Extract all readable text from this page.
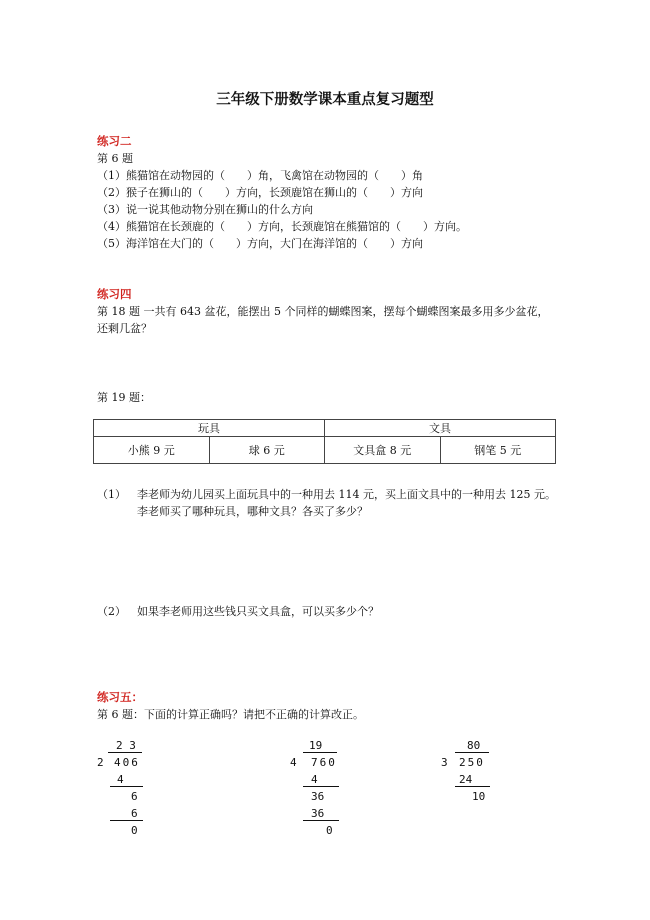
三年级下册数学课本重点复习题型
练习二
第 6 题
（1）熊猫馆在动物园的（　　）角，飞禽馆在动物园的（　　）角
（2）猴子在狮山的（　　）方向，长颈鹿馆在狮山的（　　）方向
（3）说一说其他动物分别在狮山的什么方向
（4）熊猫馆在长颈鹿的（　　）方向，长颈鹿馆在熊猫馆的（　　）方向。
（5）海洋馆在大门的（　　）方向，大门在海洋馆的（　　）方向
练习四
第 18 题 一共有 643 盆花，能摆出 5 个同样的蝴蝶图案，摆每个蝴蝶图案最多用多少盆花，
还剩几盆？
第 19 题：
玩具		文具	
小熊 9 元	球 6 元	文具盒 8 元	钢笔 5 元
（1） 李老师为幼儿园买上面玩具中的一种用去 114 元，买上面文具中的一种用去 125 元。
李老师买了哪种玩具，哪种文具？各买了多少？
（2） 如果李老师用这些钱只买文具盒，可以买多少个？
练习五：
第 6 题：下面的计算正确吗？请把不正确的计算改正。
2 3
2 406
4
6
6
0
19
4 760
4
36
36
0
80
3 250
24
10
